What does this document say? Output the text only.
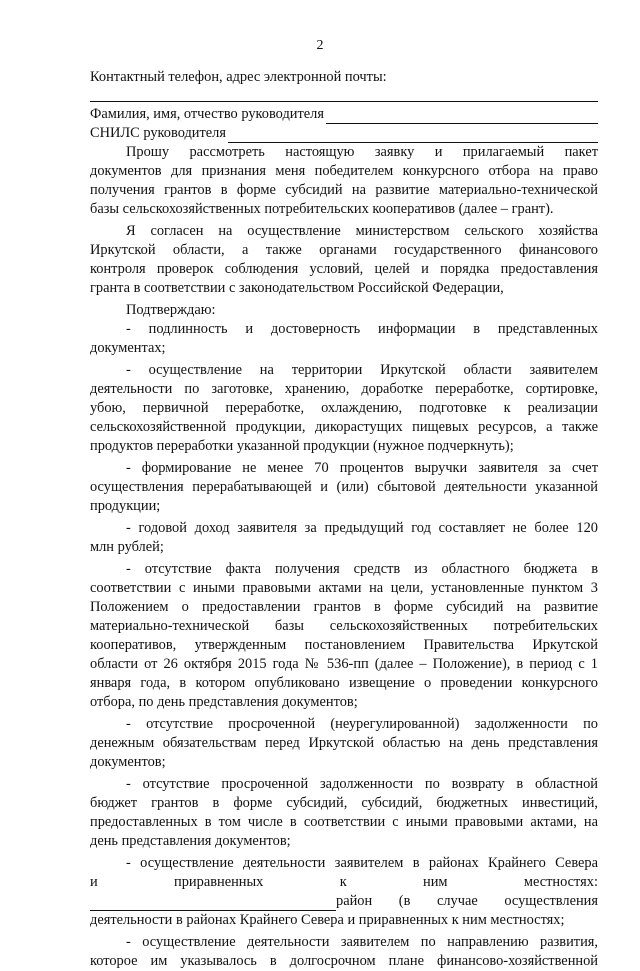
2
Контактный телефон, адрес электронной почты:
Фамилия, имя, отчество руководителя
СНИЛС руководителя
Прошу рассмотреть настоящую заявку и прилагаемый пакет
документов для признания меня победителем конкурсного отбора на право
получения грантов в форме субсидий на развитие материально-технической
базы сельскохозяйственных потребительских кооперативов (далее – грант).
Я согласен на осуществление министерством сельского хозяйства
Иркутской области, а также органами государственного финансового
контроля проверок соблюдения условий, целей и порядка предоставления
гранта в соответствии с законодательством Российской Федерации,
Подтверждаю:
- подлинность и достоверность информации в представленных
документах;
- осуществление на территории Иркутской области заявителем
деятельности по заготовке, хранению, доработке переработке, сортировке,
убою, первичной переработке, охлаждению, подготовке к реализации
сельскохозяйственной продукции, дикорастущих пищевых ресурсов, а также
продуктов переработки указанной продукции (нужное подчеркнуть);
- формирование не менее 70 процентов выручки заявителя за счет
осуществления перерабатывающей и (или) сбытовой деятельности указанной
продукции;
- годовой доход заявителя за предыдущий год составляет не более 120
млн рублей;
- отсутствие факта получения средств из областного бюджета в
соответствии с иными правовыми актами на цели, установленные пунктом 3
Положением о предоставлении грантов в форме субсидий на развитие
материально-технической базы сельскохозяйственных потребительских
кооперативов, утвержденным постановлением Правительства Иркутской
области от 26 октября 2015 года № 536-пп (далее – Положение), в период с 1
января года, в котором опубликовано извещение о проведении конкурсного
отбора, по день представления документов;
- отсутствие просроченной (неурегулированной) задолженности по
денежным обязательствам перед Иркутской областью на день представления
документов;
- отсутствие просроченной задолженности по возврату в областной
бюджет грантов в форме субсидий, субсидий, бюджетных инвестиций,
предоставленных в том числе в соответствии с иными правовыми актами, на
день представления документов;
- осуществление деятельности заявителем в районах Крайнего Севера
и	приравненных	к	ним	местностях:
район (в случае осуществления
деятельности в районах Крайнего Севера и приравненных к ним местностях;
- осуществление деятельности заявителем по направлению развития,
которое им указывалось в долгосрочном плане финансово-хозяйственной
